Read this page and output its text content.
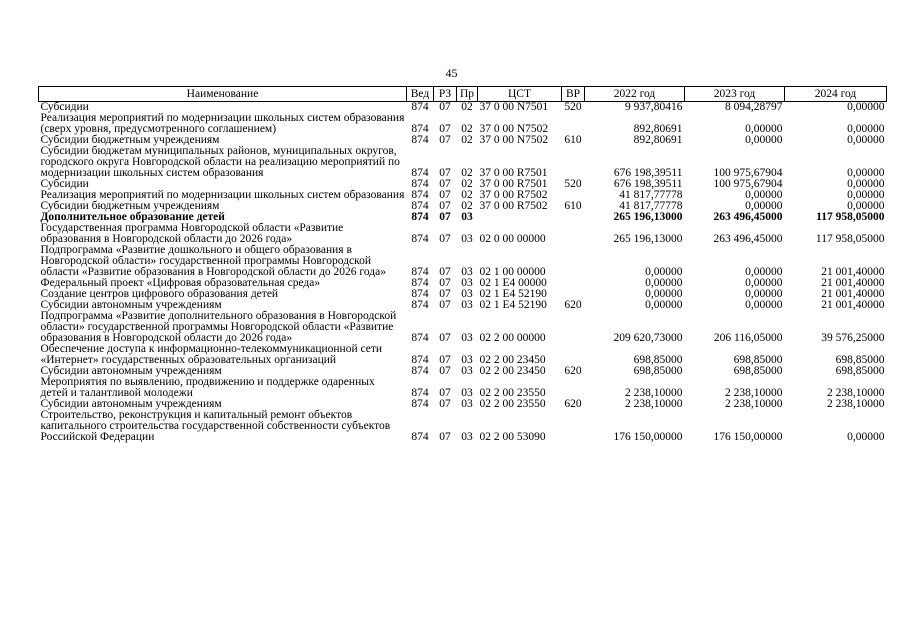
45
Наименование	Вед	РЗ	Пр	ЦСТ	ВР	2022 год	2023 год	2024 год
Субсидии	874	07	02	37 0 00 N7501	520	9 937,80416	8 094,28797	0,00000
Реализация мероприятий по модернизации школьных систем образования (сверх уровня, предусмотренного соглашением)	874	07	02	37 0 00 N7502		892,80691	0,00000	0,00000
Субсидии бюджетным учреждениям	874	07	02	37 0 00 N7502	610	892,80691	0,00000	0,00000
Субсидии бюджетам муниципальных районов, муниципальных округов, городского округа Новгородской области на реализацию мероприятий по модернизации школьных систем образования	874	07	02	37 0 00 R7501		676 198,39511	100 975,67904	0,00000
Субсидии	874	07	02	37 0 00 R7501	520	676 198,39511	100 975,67904	0,00000
Реализация мероприятий по модернизации школьных систем образования	874	07	02	37 0 00 R7502		41 817,77778	0,00000	0,00000
Субсидии бюджетным учреждениям	874	07	02	37 0 00 R7502	610	41 817,77778	0,00000	0,00000
Дополнительное образование детей	874	07	03			265 196,13000	263 496,45000	117 958,05000
Государственная программа Новгородской области «Развитие образования в Новгородской области до 2026 года»	874	07	03	02 0 00 00000		265 196,13000	263 496,45000	117 958,05000
Подпрограмма «Развитие дошкольного и общего образования в Новгородской области» государственной программы Новгородской области «Развитие образования в Новгородской области до 2026 года»	874	07	03	02 1 00 00000		0,00000	0,00000	21 001,40000
Федеральный проект «Цифровая образовательная среда»	874	07	03	02 1 E4 00000		0,00000	0,00000	21 001,40000
Создание центров цифрового образования детей	874	07	03	02 1 E4 52190		0,00000	0,00000	21 001,40000
Субсидии автономным учреждениям	874	07	03	02 1 E4 52190	620	0,00000	0,00000	21 001,40000
Подпрограмма «Развитие дополнительного образования в Новгородской области» государственной программы Новгородской области «Развитие образования в Новгородской области до 2026 года»	874	07	03	02 2 00 00000		209 620,73000	206 116,05000	39 576,25000
Обеспечение доступа к информационно-телекоммуникационной сети «Интернет» государственных образовательных организаций	874	07	03	02 2 00 23450		698,85000	698,85000	698,85000
Субсидии автономным учреждениям	874	07	03	02 2 00 23450	620	698,85000	698,85000	698,85000
Мероприятия по выявлению, продвижению и поддержке одаренных детей и талантливой молодежи	874	07	03	02 2 00 23550		2 238,10000	2 238,10000	2 238,10000
Субсидии автономным учреждениям	874	07	03	02 2 00 23550	620	2 238,10000	2 238,10000	2 238,10000
Строительство, реконструкция и капитальный ремонт объектов капитального строительства государственной собственности субъектов Российской Федерации	874	07	03	02 2 00 53090		176 150,00000	176 150,00000	0,00000
